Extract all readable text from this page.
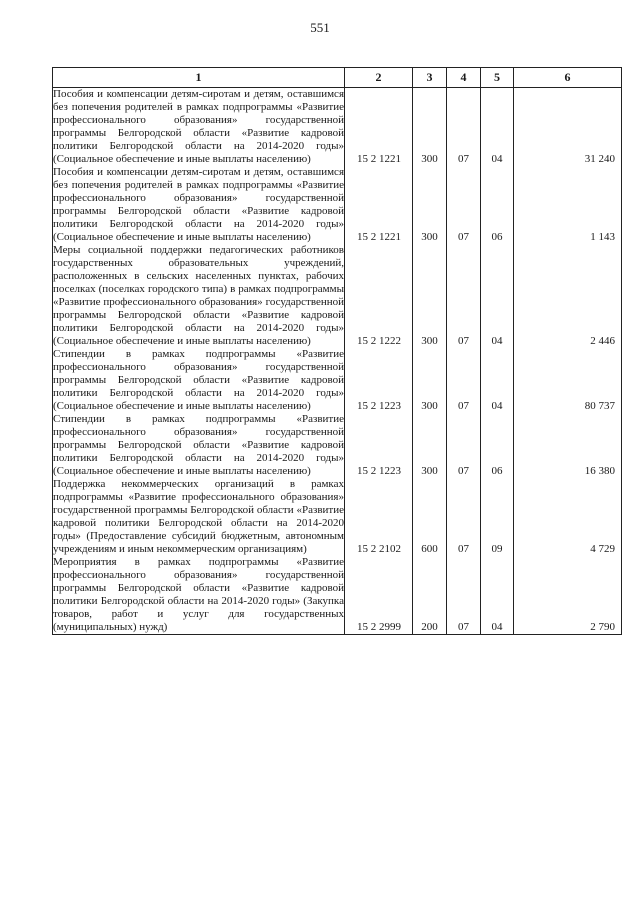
551
1	2	3	4	5	6
Пособия и компенсации детям-сиротам и детям, оставшимся без попечения родителей в рамках подпрограммы «Развитие профессионального образования» государственной программы Белгородской области «Развитие кадровой политики Белгородской области на 2014-2020 годы» (Социальное обеспечение и иные выплаты населению)	15 2 1221	300	07	04	31 240
Пособия и компенсации детям-сиротам и детям, оставшимся без попечения родителей в рамках подпрограммы «Развитие профессионального образования» государственной программы Белгородской области «Развитие кадровой политики Белгородской области на 2014-2020 годы» (Социальное обеспечение и иные выплаты населению)	15 2 1221	300	07	06	1 143
Меры социальной поддержки педагогических работников государственных образовательных учреждений, расположенных в сельских населенных пунктах, рабочих поселках (поселках городского типа) в рамках подпрограммы «Развитие профессионального образования» государственной программы Белгородской области «Развитие кадровой политики Белгородской области на 2014-2020 годы» (Социальное обеспечение и иные выплаты населению)	15 2 1222	300	07	04	2 446
Стипендии в рамках подпрограммы «Развитие профессионального образования» государственной программы Белгородской области «Развитие кадровой политики Белгородской области на 2014-2020 годы» (Социальное обеспечение и иные выплаты населению)	15 2 1223	300	07	04	80 737
Стипендии в рамках подпрограммы «Развитие профессионального образования» государственной программы Белгородской области «Развитие кадровой политики Белгородской области на 2014-2020 годы» (Социальное обеспечение и иные выплаты населению)	15 2 1223	300	07	06	16 380
Поддержка некоммерческих организаций в рамках подпрограммы «Развитие профессионального образования» государственной программы Белгородской области «Развитие кадровой политики Белгородской области на 2014-2020 годы» (Предоставление субсидий бюджетным, автономным учреждениям и иным некоммерческим организациям)	15 2 2102	600	07	09	4 729
Мероприятия в рамках подпрограммы «Развитие профессионального образования» государственной программы Белгородской области «Развитие кадровой политики Белгородской области на 2014-2020 годы» (Закупка товаров, работ и услуг для государственных (муниципальных) нужд)	15 2 2999	200	07	04	2 790
